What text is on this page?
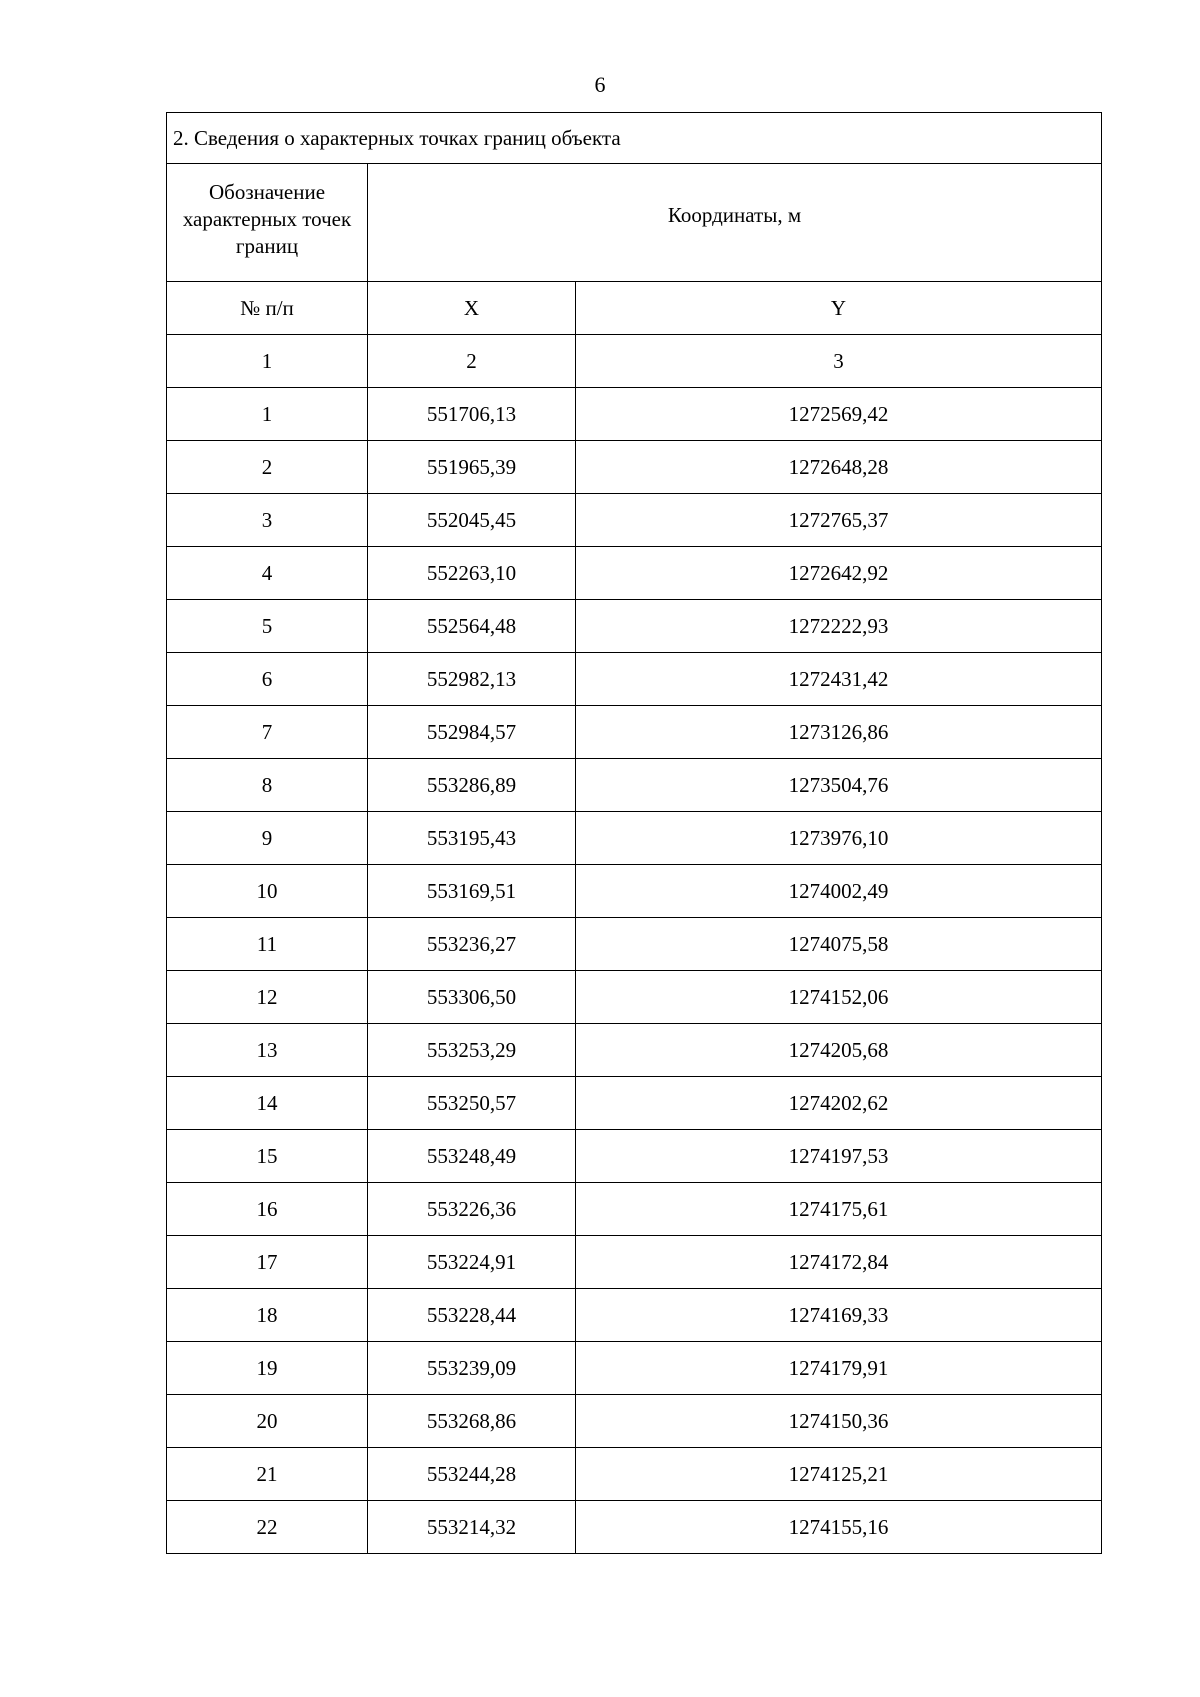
6
2. Сведения о характерных точках границ объекта		
Обозначение характерных точек границ	Координаты, м	
№ п/п	X	Y
1	2	3
1	551706,13	1272569,42
2	551965,39	1272648,28
3	552045,45	1272765,37
4	552263,10	1272642,92
5	552564,48	1272222,93
6	552982,13	1272431,42
7	552984,57	1273126,86
8	553286,89	1273504,76
9	553195,43	1273976,10
10	553169,51	1274002,49
11	553236,27	1274075,58
12	553306,50	1274152,06
13	553253,29	1274205,68
14	553250,57	1274202,62
15	553248,49	1274197,53
16	553226,36	1274175,61
17	553224,91	1274172,84
18	553228,44	1274169,33
19	553239,09	1274179,91
20	553268,86	1274150,36
21	553244,28	1274125,21
22	553214,32	1274155,16
